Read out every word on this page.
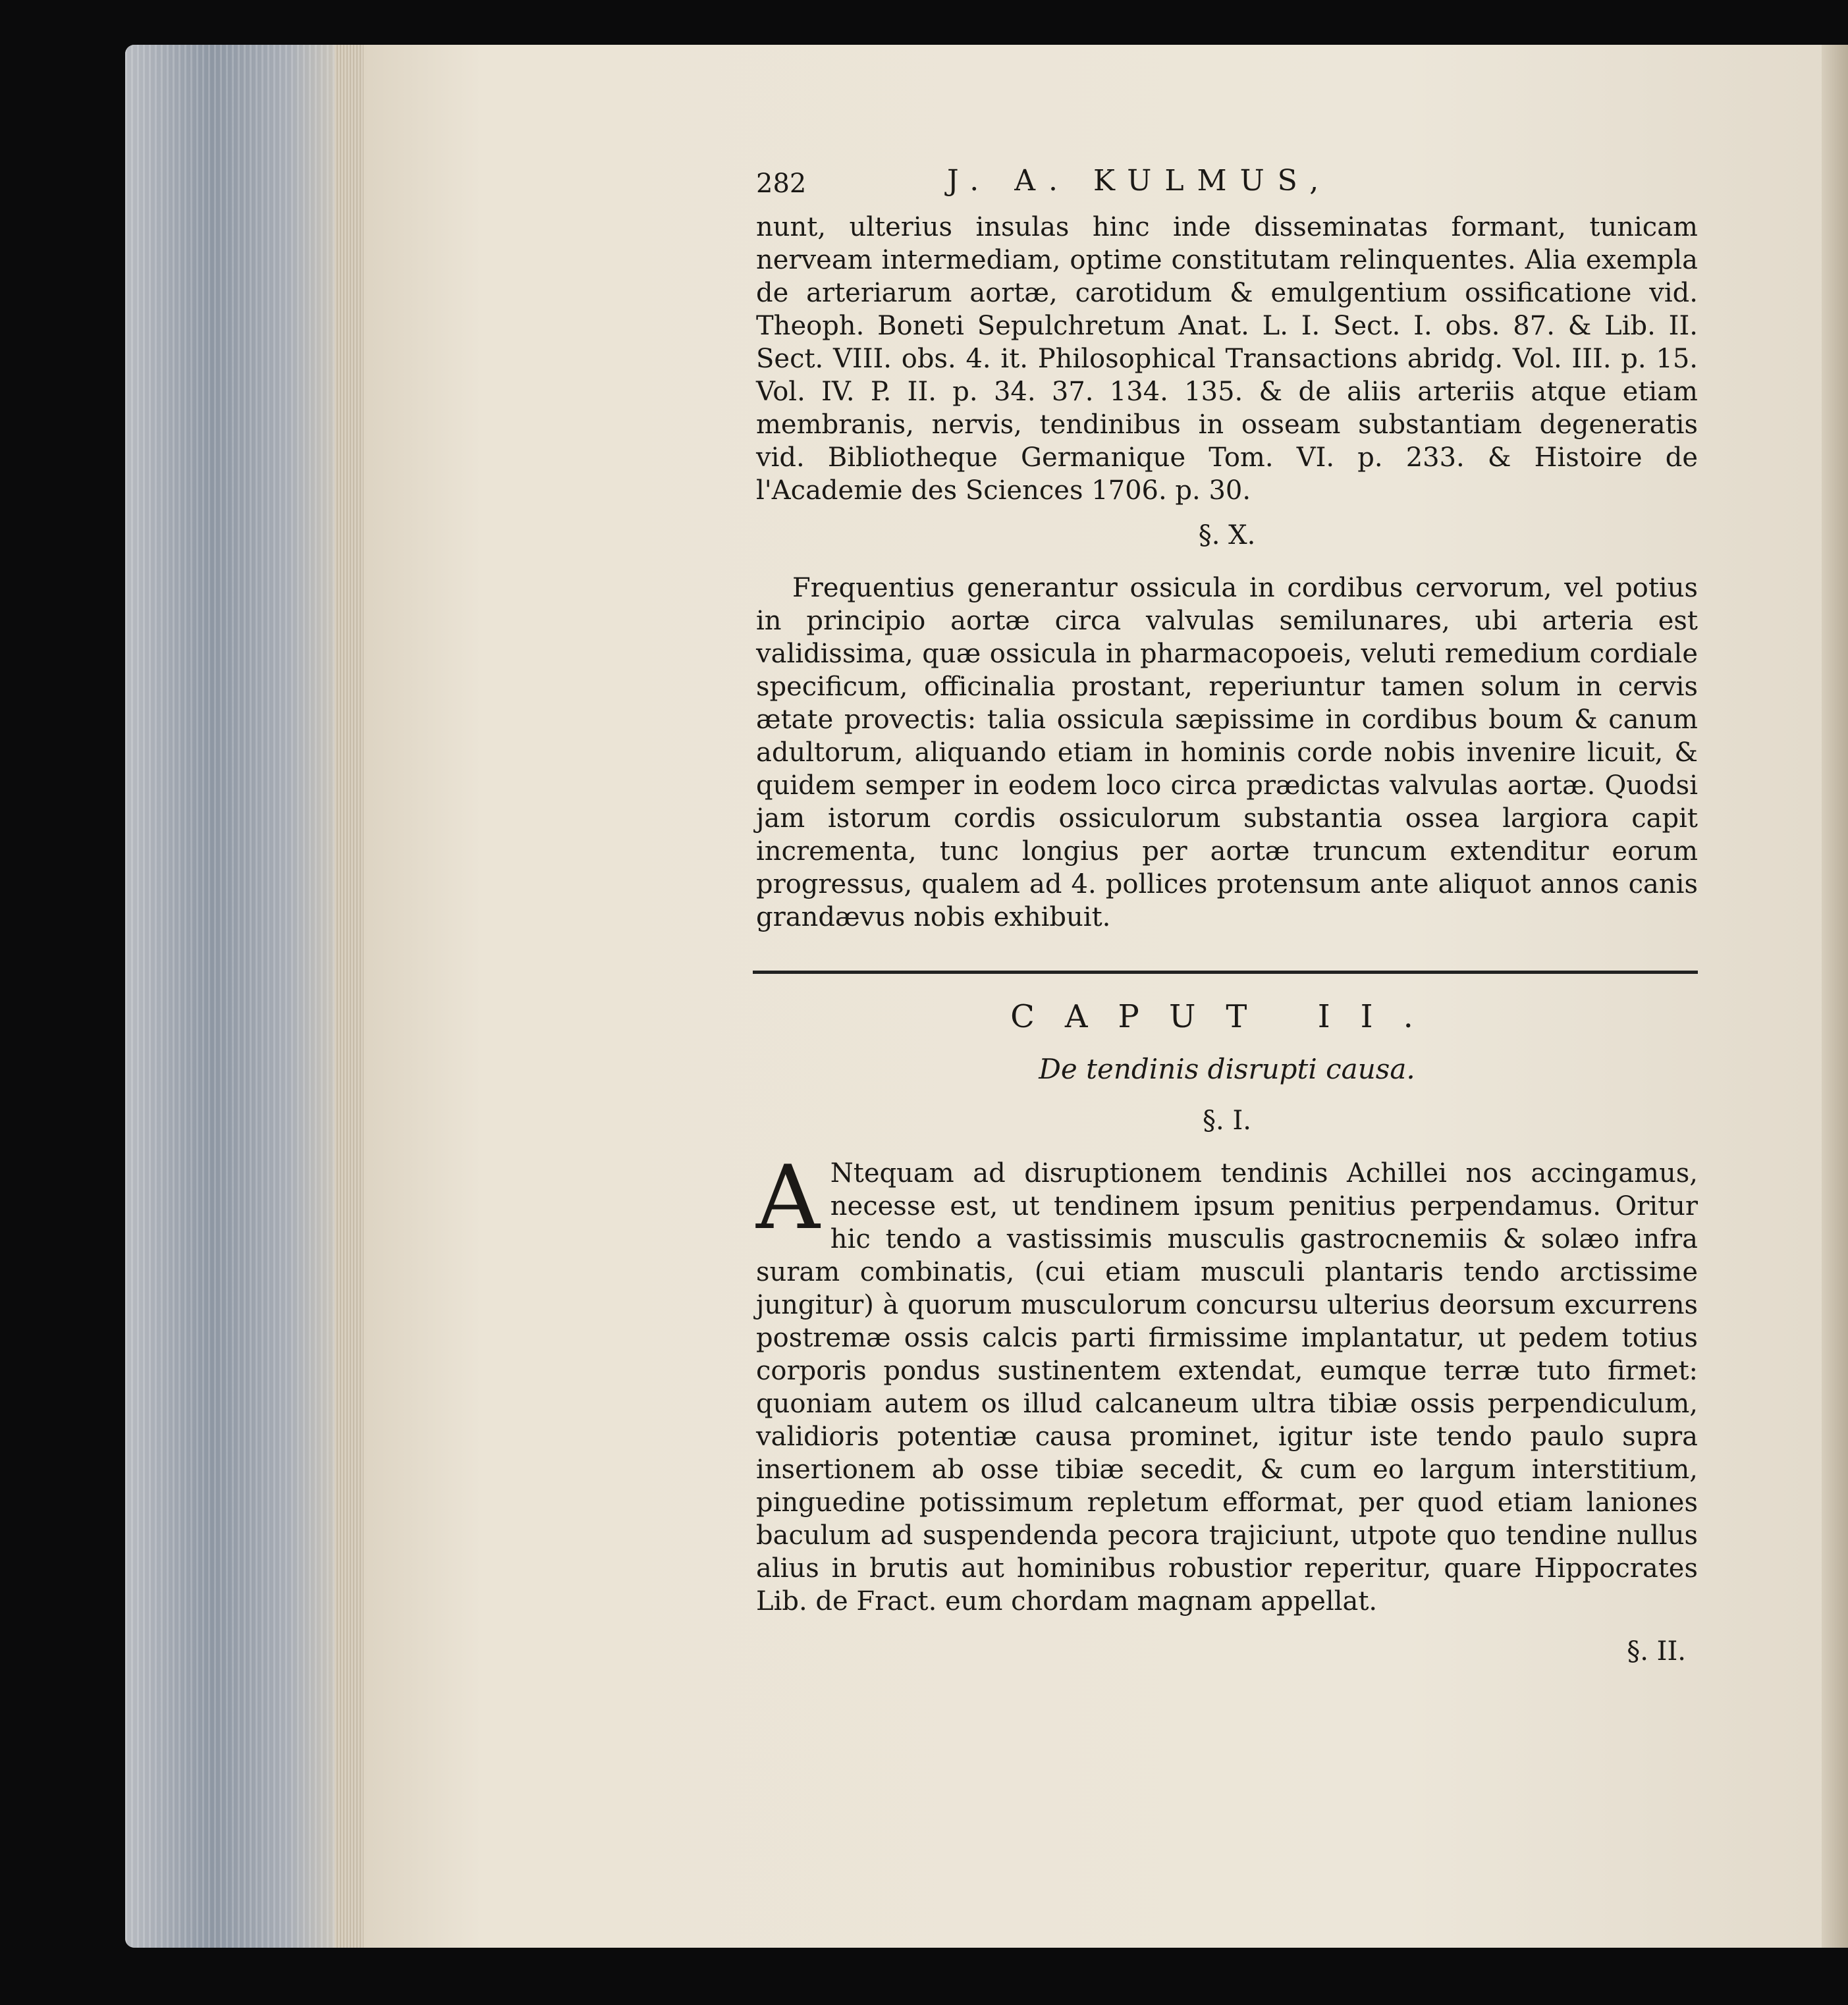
282	J. A. KULMUS,

nunt, ulterius insulas hinc inde disseminatas formant, tunicam nerveam intermediam, optime constitutam relinquentes. Alia exempla de arteriarum aortæ, carotidum & emulgentium ossificatione vid. Theoph. Boneti Sepulchretum Anat. L. I. Sect. I. obs. 87. & Lib. II. Sect. VIII. obs. 4. it. Philosophical Transactions abridg. Vol. III. p. 15. Vol. IV. P. II. p. 34. 37. 134. 135. & de aliis arteriis atque etiam membranis, nervis, tendinibus in osseam substantiam degeneratis vid. Bibliotheque Germanique Tom. VI. p. 233. & Histoire de l'Academie des Sciences 1706. p. 30.

§. X.

Frequentius generantur ossicula in cordibus cervorum, vel potius in principio aortæ circa valvulas semilunares, ubi arteria est validissima, quæ ossicula in pharmacopoeis, veluti remedium cordiale specificum, officinalia prostant, reperiuntur tamen solum in cervis ætate provectis: talia ossicula sæpissime in cordibus boum & canum adultorum, aliquando etiam in hominis corde nobis invenire licuit, & quidem semper in eodem loco circa prædictas valvulas aortæ. Quodsi jam istorum cordis ossiculorum substantia ossea largiora capit incrementa, tunc longius per aortæ truncum extenditur eorum progressus, qualem ad 4. pollices protensum ante aliquot annos canis grandævus nobis exhibuit.

CAPUT II.
De tendinis disrupti causa.
§. I.
A Ntequam ad disruptionem tendinis Achillei nos accingamus, necesse est, ut tendinem ipsum penitius perpendamus. Oritur hic tendo a vastissimis musculis gastrocnemiis & solæo infra suram combinatis, (cui etiam musculi plantaris tendo arctissime jungitur) à quorum musculorum concursu ulterius deorsum excurrens postremæ ossis calcis parti firmissime implantatur, ut pedem totius corporis pondus sustinentem extendat, eumque terræ tuto firmet: quoniam autem os illud calcaneum ultra tibiæ ossis perpendiculum, validioris potentiæ causa prominet, igitur iste tendo paulo supra insertionem ab osse tibiæ secedit, & cum eo largum interstitium, pinguedine potissimum repletum efformat, per quod etiam laniones baculum ad suspendenda pecora trajiciunt, utpote quo tendine nullus alius in brutis aut hominibus robustior reperitur, quare Hippocrates Lib. de Fract. eum chordam magnam appellat.

§. II.
